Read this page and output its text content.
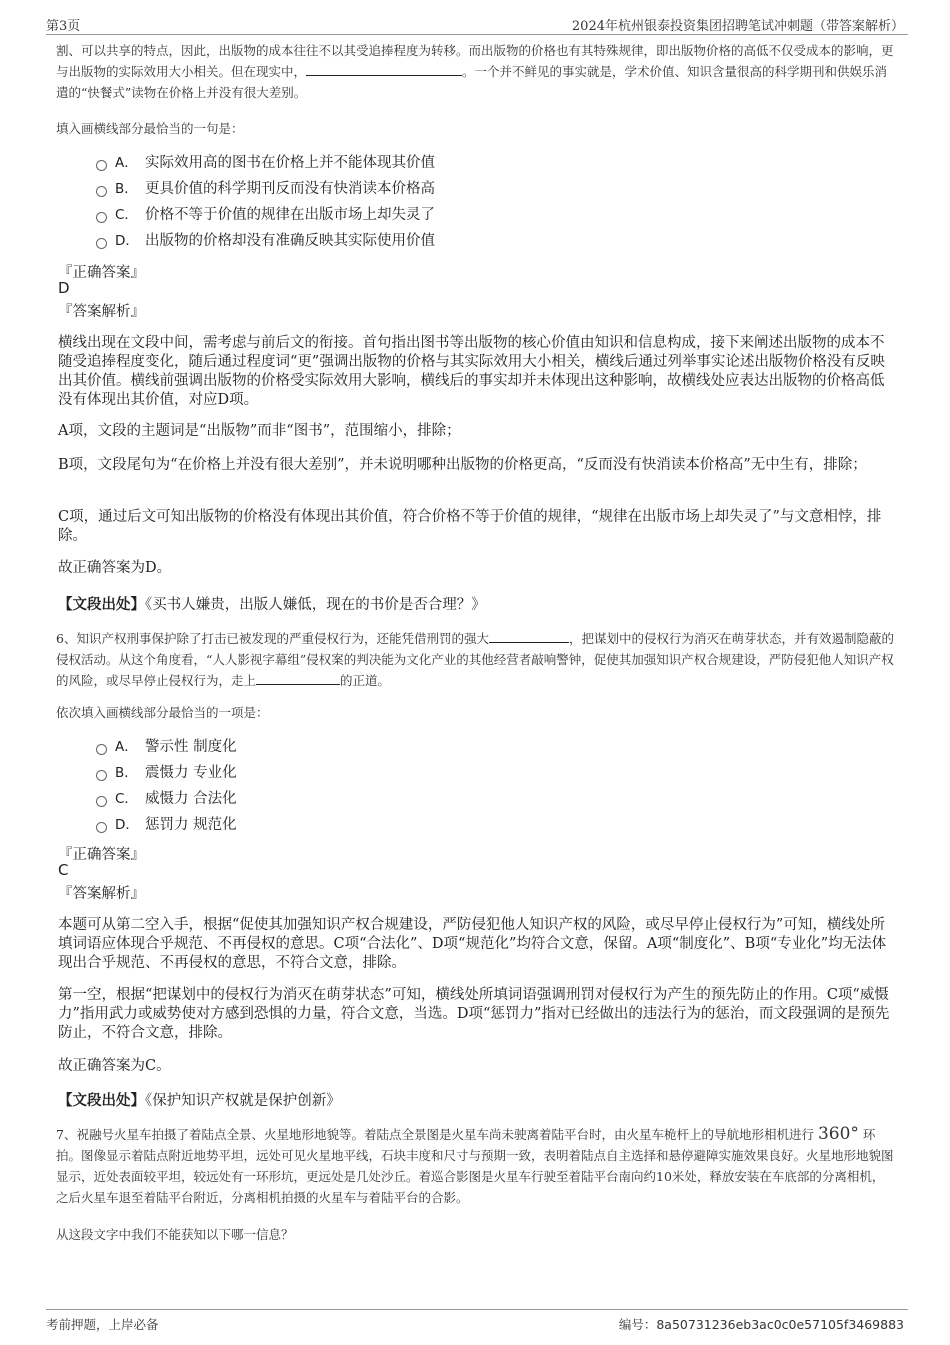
第3页	2024年杭州银泰投资集团招聘笔试冲刺题（带答案解析）

割、可以共享的特点，因此，出版物的成本往往不以其受追捧程度为转移。而出版物的价格也有其特殊规律，即出版物价格的高低不仅受成本的影响，更与出版物的实际效用大小相关。但在现实中，	。一个并不鲜见的事实就是，学术价值、知识含量很高的科学期刊和供娱乐消遣的“快餐式”读物在价格上并没有很大差别。

填入画横线部分最恰当的一句是：

A． 实际效用高的图书在价格上并不能体现其价值
B． 更具价值的科学期刊反而没有快消读本价格高
C． 价格不等于价值的规律在出版市场上却失灵了
D． 出版物的价格却没有准确反映其实际使用价值

『正确答案』

D

『答案解析』

横线出现在文段中间，需考虑与前后文的衔接。首句指出图书等出版物的核心价值由知识和信息构成，接下来阐述出版物的成本不随受追捧程度变化，随后通过程度词“更”强调出版物的价格与其实际效用大小相关，横线后通过列举事实论述出版物价格没有反映出其价值。横线前强调出版物的价格受实际效用大影响，横线后的事实却并未体现出这种影响，故横线处应表达出版物的价格高低没有体现出其价值，对应D项。

A项，文段的主题词是“出版物”而非“图书”，范围缩小，排除；

B项，文段尾句为“在价格上并没有很大差别”，并未说明哪种出版物的价格更高，“反而没有快消读本价格高”无中生有，排除；

C项，通过后文可知出版物的价格没有体现出其价值，符合价格不等于价值的规律，“规律在出版市场上却失灵了”与文意相悖，排除。

故正确答案为D。

【文段出处】《买书人嫌贵，出版人嫌低，现在的书价是否合理？》

6、知识产权刑事保护除了打击已被发现的严重侵权行为，还能凭借刑罚的强大	，把谋划中的侵权行为消灭在萌芽状态，并有效遏制隐蔽的侵权活动。从这个角度看，“人人影视字幕组”侵权案的判决能为文化产业的其他经营者敲响警钟，促使其加强知识产权合规建设，严防侵犯他人知识产权的风险，或尽早停止侵权行为，走上	的正道。

依次填入画横线部分最恰当的一项是：

A． 警示性 制度化
B． 震慑力 专业化
C． 威慑力 合法化
D． 惩罚力 规范化

『正确答案』

C

『答案解析』

本题可从第二空入手，根据“促使其加强知识产权合规建设，严防侵犯他人知识产权的风险，或尽早停止侵权行为”可知，横线处所填词语应体现合乎规范、不再侵权的意思。C项“合法化”、D项“规范化”均符合文意，保留。A项“制度化”、B项“专业化”均无法体现出合乎规范、不再侵权的意思，不符合文意，排除。

第一空，根据“把谋划中的侵权行为消灭在萌芽状态”可知，横线处所填词语强调刑罚对侵权行为产生的预先防止的作用。C项“威慑力”指用武力或威势使对方感到恐惧的力量，符合文意，当选。D项“惩罚力”指对已经做出的违法行为的惩治，而文段强调的是预先防止，不符合文意，排除。

故正确答案为C。

【文段出处】《保护知识产权就是保护创新》

7、祝融号火星车拍摄了着陆点全景、火星地形地貌等。着陆点全景图是火星车尚未驶离着陆平台时，由火星车桅杆上的导航地形相机进行 360° 环拍。图像显示着陆点附近地势平坦，远处可见火星地平线，石块丰度和尺寸与预期一致，表明着陆点自主选择和悬停避障实施效果良好。火星地形地貌图显示，近处表面较平坦，较远处有一环形坑，更远处是几处沙丘。着巡合影图是火星车行驶至着陆平台南向约10米处，释放安装在车底部的分离相机，之后火星车退至着陆平台附近，分离相机拍摄的火星车与着陆平台的合影。

从这段文字中我们不能获知以下哪一信息？

考前押题，上岸必备	编号：8a50731236eb3ac0c0e57105f3469883
